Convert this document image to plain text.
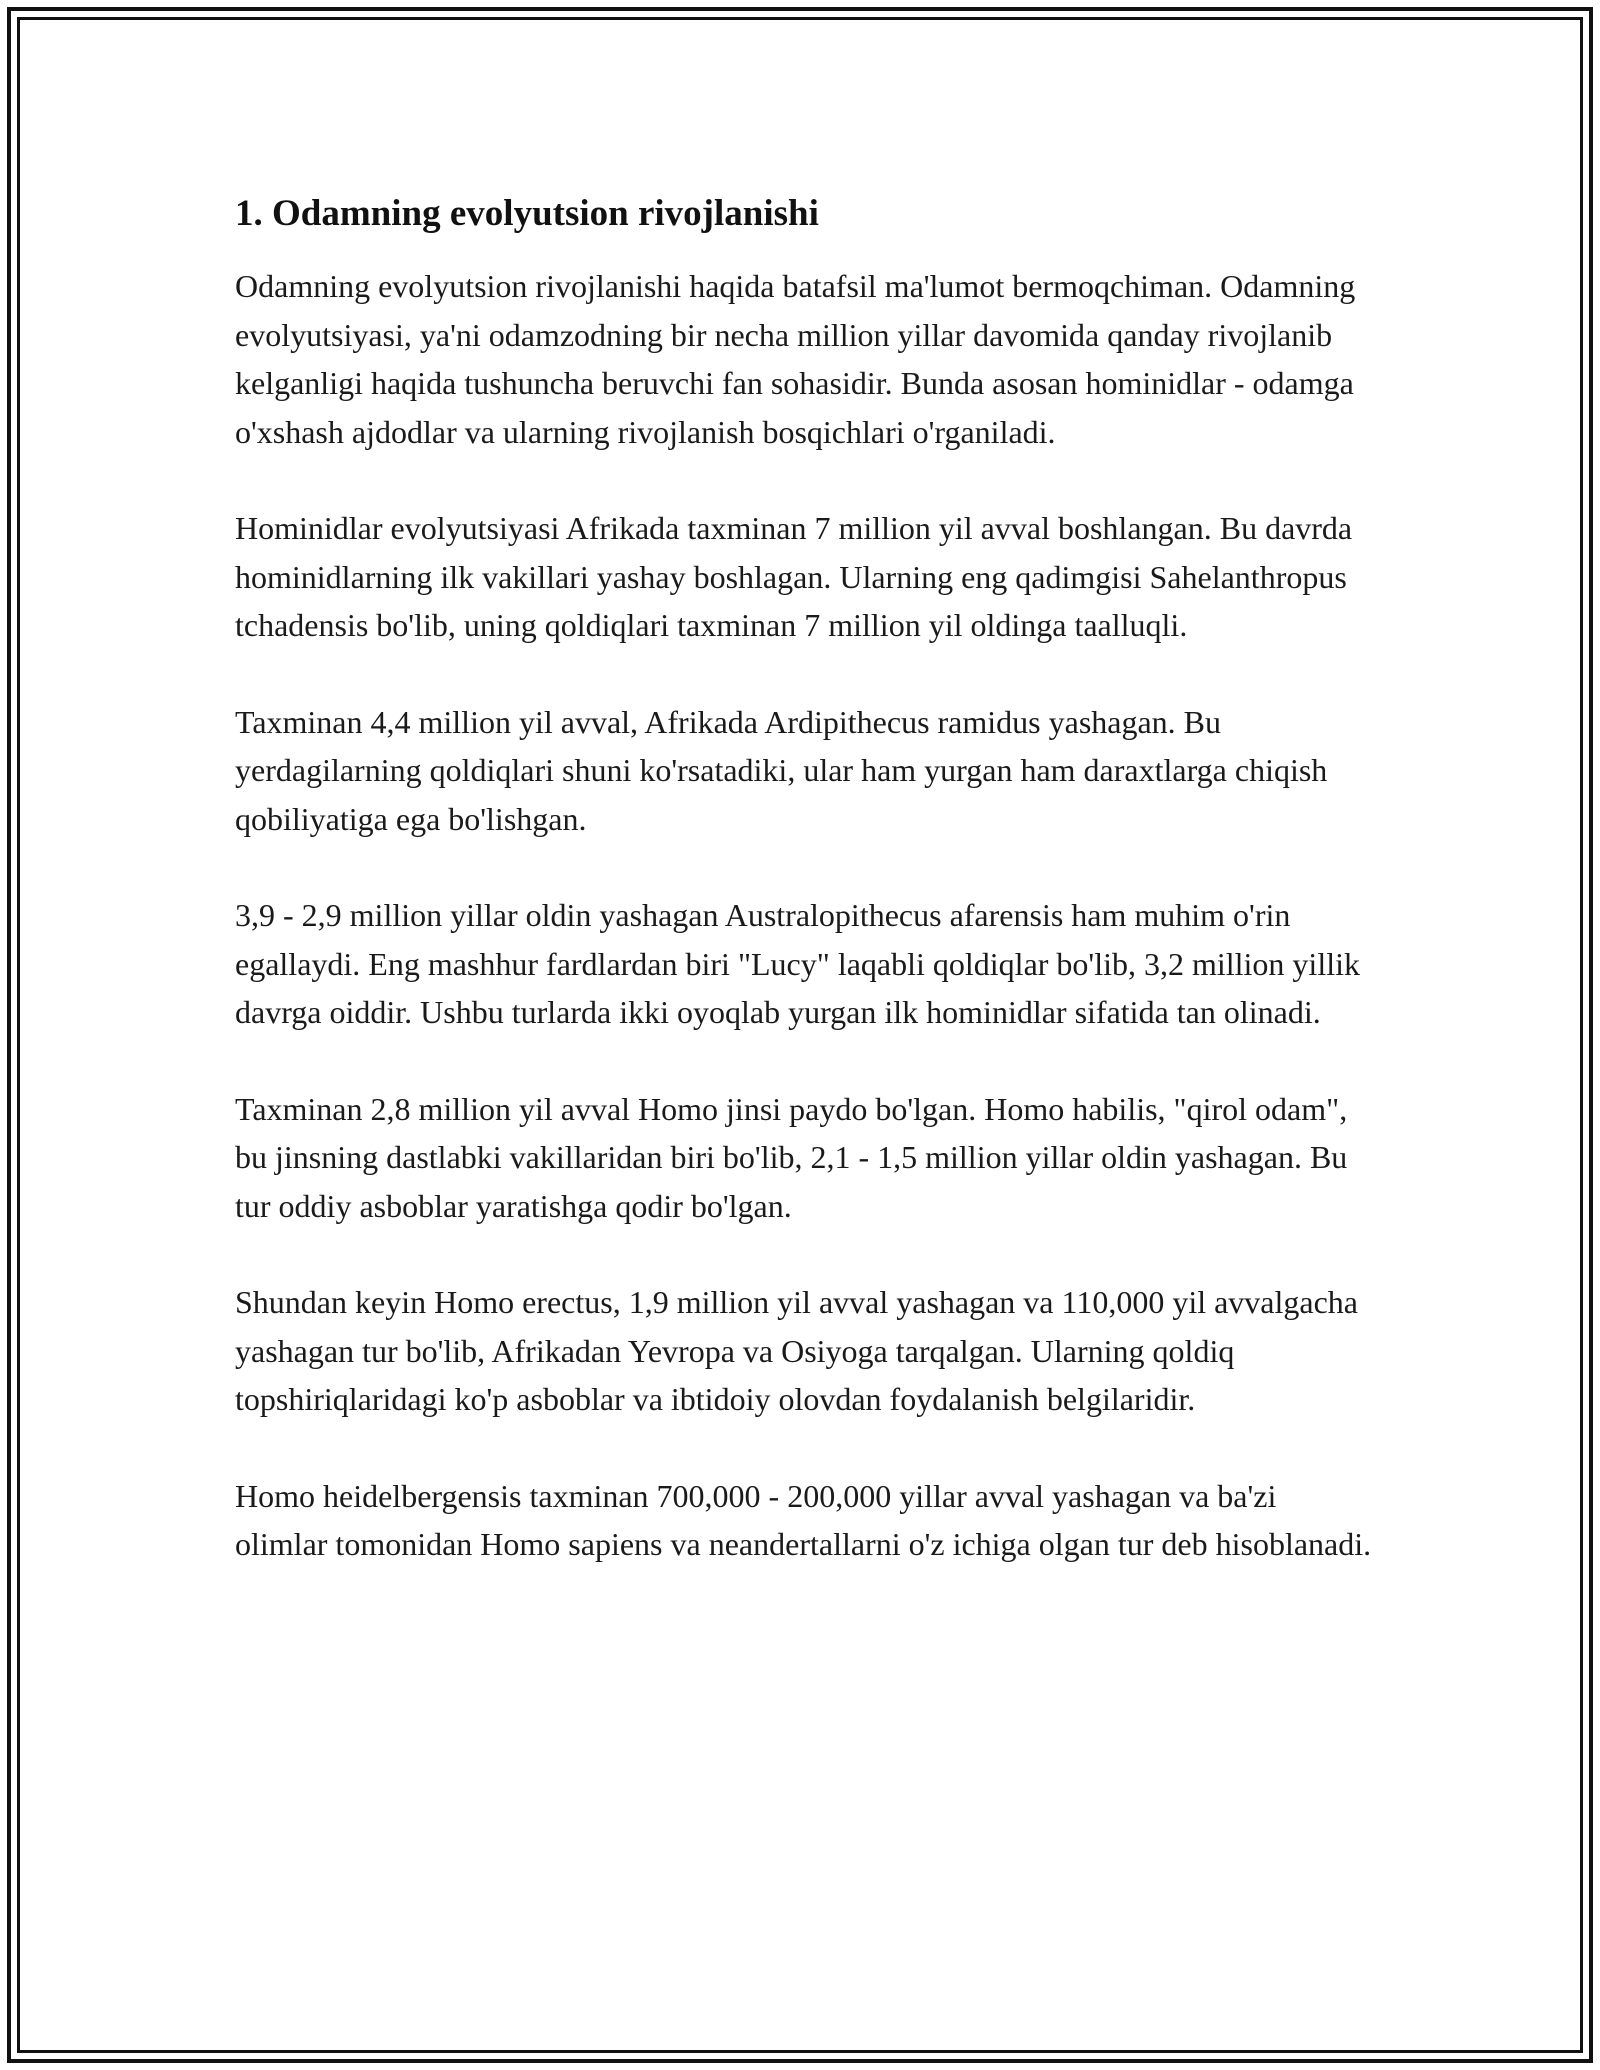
1. Odamning evolyutsion rivojlanishi

Odamning evolyutsion rivojlanishi haqida batafsil ma'lumot bermoqchiman. Odamning evolyutsiyasi, ya'ni odamzodning bir necha million yillar davomida qanday rivojlanib kelganligi haqida tushuncha beruvchi fan sohasidir. Bunda asosan hominidlar - odamga o'xshash ajdodlar va ularning rivojlanish bosqichlari o'rganiladi.

Hominidlar evolyutsiyasi Afrikada taxminan 7 million yil avval boshlangan. Bu davrda hominidlarning ilk vakillari yashay boshlagan. Ularning eng qadimgisi Sahelanthropus tchadensis bo'lib, uning qoldiqlari taxminan 7 million yil oldinga taalluqli.

Taxminan 4,4 million yil avval, Afrikada Ardipithecus ramidus yashagan. Bu yerdagilarning qoldiqlari shuni ko'rsatadiki, ular ham yurgan ham daraxtlarga chiqish qobiliyatiga ega bo'lishgan.

3,9 - 2,9 million yillar oldin yashagan Australopithecus afarensis ham muhim o'rin egallaydi. Eng mashhur fardlardan biri "Lucy" laqabli qoldiqlar bo'lib, 3,2 million yillik davrga oiddir. Ushbu turlarda ikki oyoqlab yurgan ilk hominidlar sifatida tan olinadi.

Taxminan 2,8 million yil avval Homo jinsi paydo bo'lgan. Homo habilis, "qirol odam", bu jinsning dastlabki vakillaridan biri bo'lib, 2,1 - 1,5 million yillar oldin yashagan. Bu tur oddiy asboblar yaratishga qodir bo'lgan.

Shundan keyin Homo erectus, 1,9 million yil avval yashagan va 110,000 yil avvalgacha yashagan tur bo'lib, Afrikadan Yevropa va Osiyoga tarqalgan. Ularning qoldiq topshiriqlaridagi ko'p asboblar va ibtidoiy olovdan foydalanish belgilaridir.

Homo heidelbergensis taxminan 700,000 - 200,000 yillar avval yashagan va ba'zi olimlar tomonidan Homo sapiens va neandertallarni o'z ichiga olgan tur deb hisoblanadi.
